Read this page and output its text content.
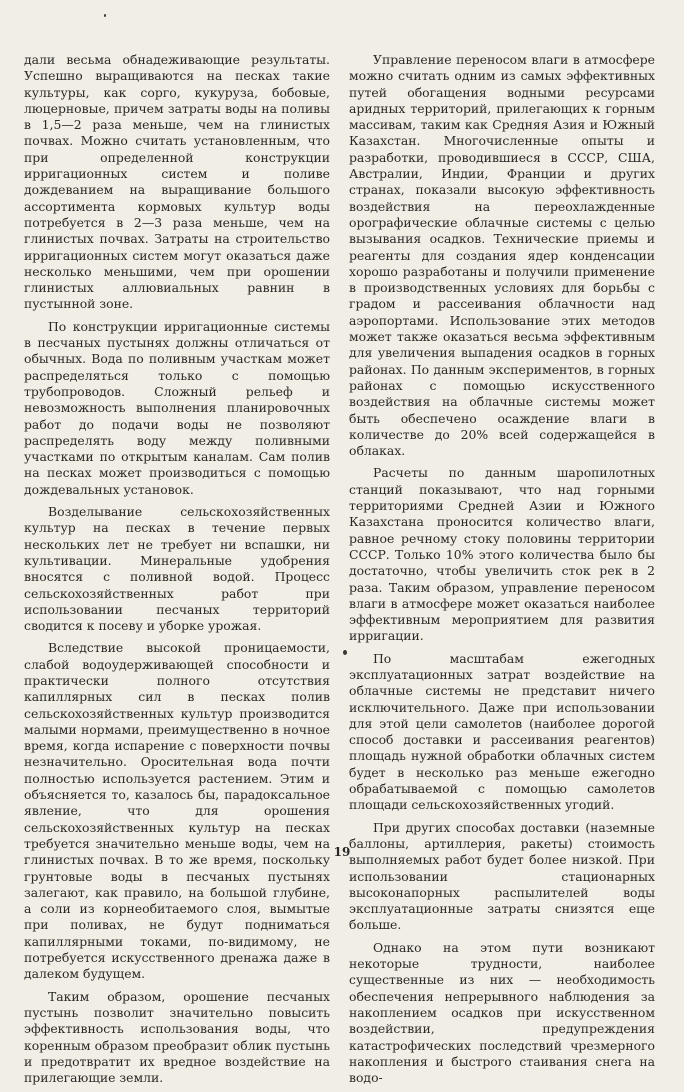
дали весьма обнадеживающие результаты. Успешно выращиваются на песках такие культуры, как сорго, кукуруза, бобовые, люцерновые, причем затраты воды на поливы в 1,5—2 раза меньше, чем на глинистых почвах. Можно считать установленным, что при определенной конструкции ирригационных систем и поливе дождеванием на выращивание большого ассортимента кормовых культур воды потребуется в 2—3 раза меньше, чем на глинистых почвах. Затраты на строительство ирригационных систем могут оказаться даже несколько меньшими, чем при орошении глинистых аллювиальных равнин в пустынной зоне.

По конструкции ирригационные системы в песчаных пустынях должны отличаться от обычных. Вода по поливным участкам может распределяться только с помощью трубопроводов. Сложный рельеф и невозможность выполнения планировочных работ до подачи воды не позволяют распределять воду между поливными участками по открытым каналам. Сам полив на песках может производиться с помощью дождевальных установок.

Возделывание сельскохозяйственных культур на песках в течение первых нескольких лет не требует ни вспашки, ни культивации. Минеральные удобрения вносятся с поливной водой. Процесс сельскохозяйственных работ при использовании песчаных территорий сводится к посеву и уборке урожая.

Вследствие высокой проницаемости, слабой водоудерживающей способности и практически полного отсутствия капиллярных сил в песках полив сельскохозяйственных культур производится малыми нормами, преимущественно в ночное время, когда испарение с поверхности почвы незначительно. Оросительная вода почти полностью используется растением. Этим и объясняется то, казалось бы, парадоксальное явление, что для орошения сельскохозяйственных культур на песках требуется значительно меньше воды, чем на глинистых почвах. В то же время, поскольку грунтовые воды в песчаных пустынях залегают, как правило, на большой глубине, а соли из корнеобитаемого слоя, вымытые при поливах, не будут подниматься капиллярными токами, по-видимому, не потребуется искусственного дренажа даже в далеком будущем.

Таким образом, орошение песчаных пустынь позволит значительно повысить эффективность использования воды, что коренным образом преобразит облик пустынь и предотвратит их вредное воздействие на прилегающие земли.

Управление переносом влаги в атмосфере можно считать одним из самых эффективных путей обогащения водными ресурсами аридных территорий, прилегающих к горным массивам, таким как Средняя Азия и Южный Казахстан. Многочисленные опыты и разработки, проводившиеся в СССР, США, Австралии, Индии, Франции и других странах, показали высокую эффективность воздействия на переохлажденные орографические облачные системы с целью вызывания осадков. Технические приемы и реагенты для создания ядер конденсации хорошо разработаны и получили применение в производственных условиях для борьбы с градом и рассеивания облачности над аэропортами. Использование этих методов может также оказаться весьма эффективным для увеличения выпадения осадков в горных районах. По данным экспериментов, в горных районах с помощью искусственного воздействия на облачные системы может быть обеспечено осаждение влаги в количестве до 20% всей содержащейся в облаках.

Расчеты по данным шаропилотных станций показывают, что над горными территориями Средней Азии и Южного Казахстана проносится количество влаги, равное речному стоку половины территории СССР. Только 10% этого количества было бы достаточно, чтобы увеличить сток рек в 2 раза. Таким образом, управление переносом влаги в атмосфере может оказаться наиболее эффективным мероприятием для развития ирригации.

По масштабам ежегодных эксплуатационных затрат воздействие на облачные системы не представит ничего исключительного. Даже при использовании для этой цели самолетов (наиболее дорогой способ доставки и рассеивания реагентов) площадь нужной обработки облачных систем будет в несколько раз меньше ежегодно обрабатываемой с помощью самолетов площади сельскохозяйственных угодий.

При других способах доставки (наземные баллоны, артиллерия, ракеты) стоимость выполняемых работ будет более низкой. При использовании стационарных высоконапорных распылителей воды эксплуатационные затраты снизятся еще больше.

Однако на этом пути возникают некоторые трудности, наиболее существенные из них — необходимость обеспечения непрерывного наблюдения за накоплением осадков при искусственном воздействии, предупреждения катастрофических последствий чрезмерного накопления и быстрого стаивания снега на водо-

19
